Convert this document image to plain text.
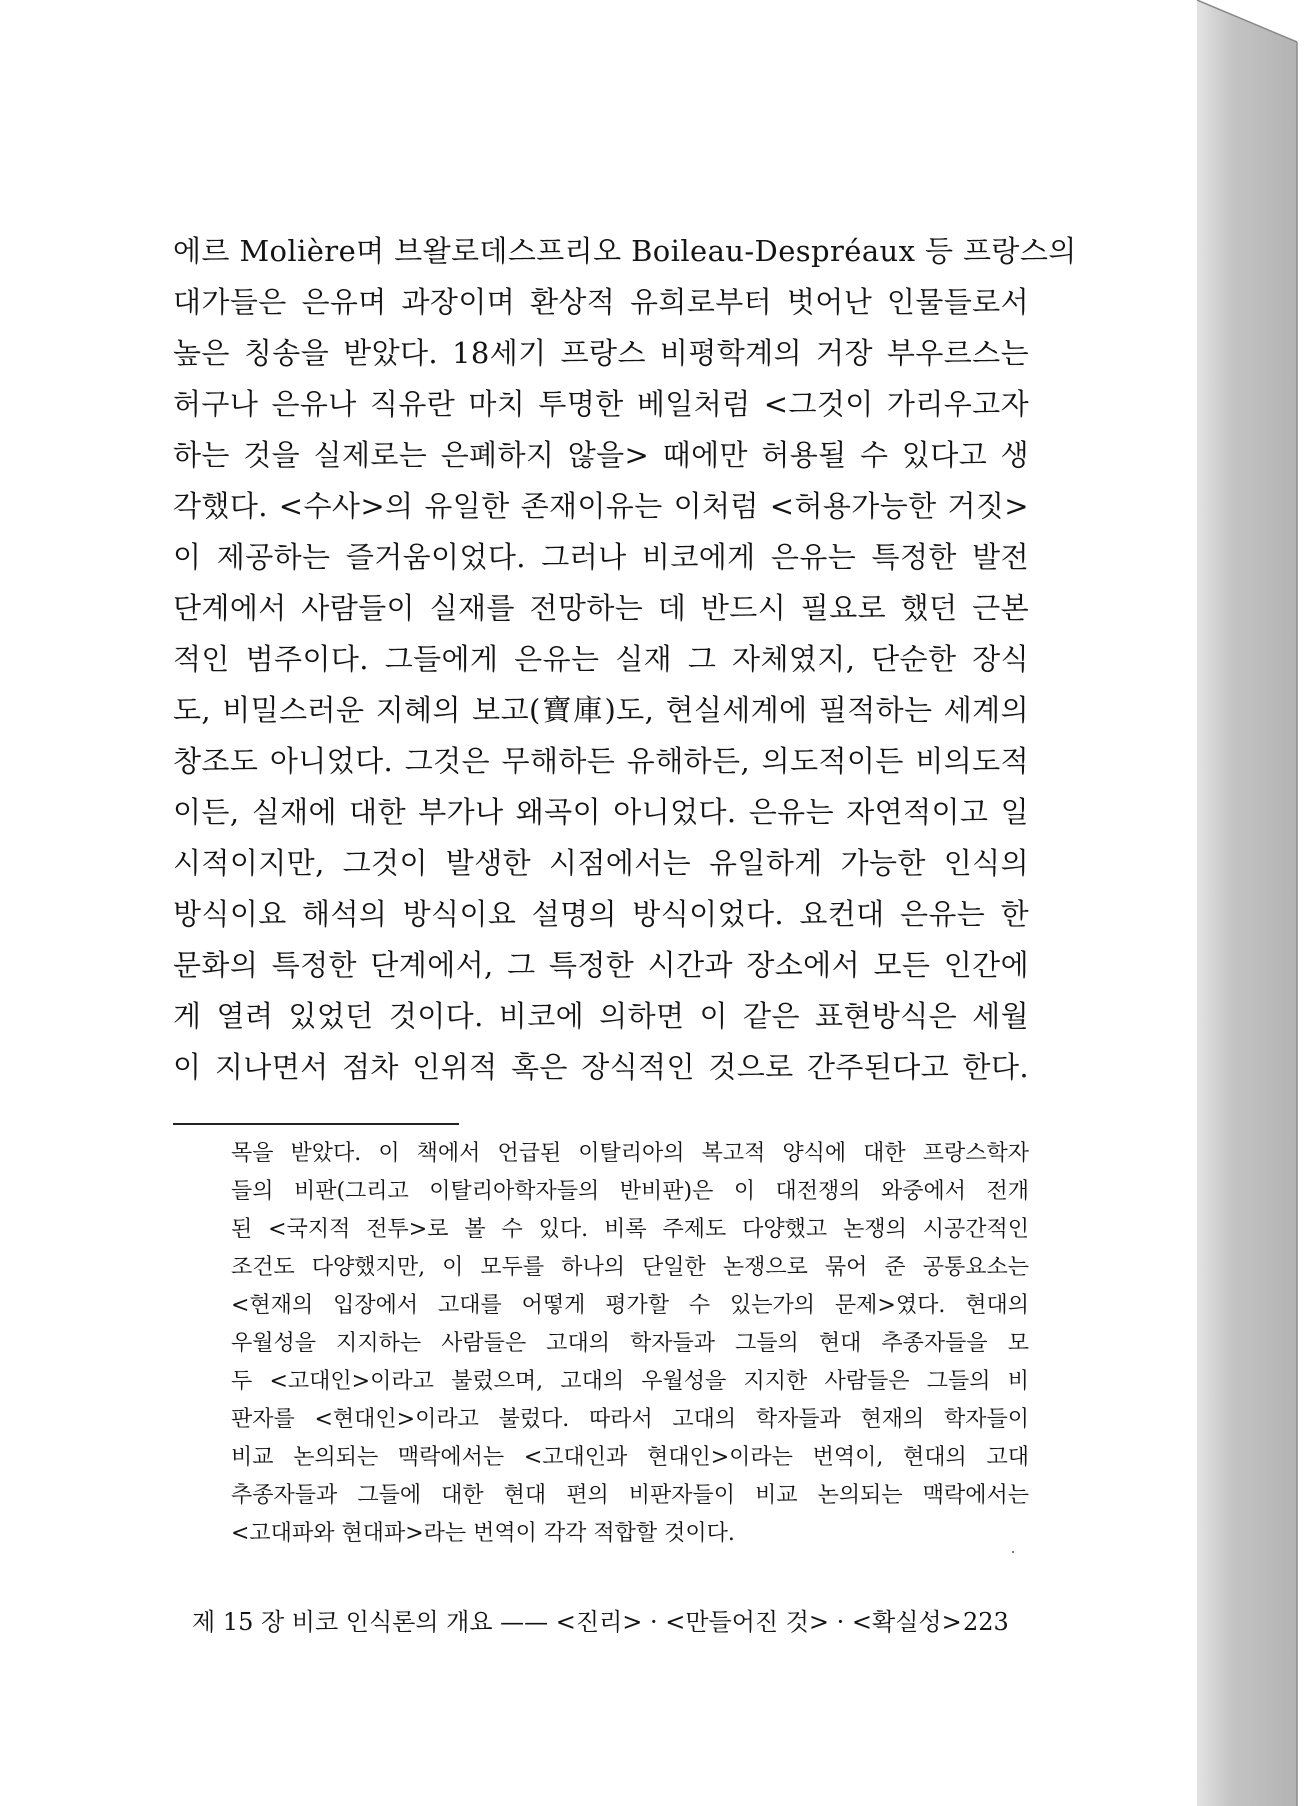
에르 Molière며 브왈로데스프리오 Boileau-Despréaux 등 프랑스의
대가들은 은유며 과장이며 환상적 유희로부터 벗어난 인물들로서
높은 칭송을 받았다. 18세기 프랑스 비평학계의 거장 부우르스는
허구나 은유나 직유란 마치 투명한 베일처럼 <그것이 가리우고자
하는 것을 실제로는 은폐하지 않을> 때에만 허용될 수 있다고 생
각했다. <수사>의 유일한 존재이유는 이처럼 <허용가능한 거짓>
이 제공하는 즐거움이었다. 그러나 비코에게 은유는 특정한 발전
단계에서 사람들이 실재를 전망하는 데 반드시 필요로 했던 근본
적인 범주이다. 그들에게 은유는 실재 그 자체였지, 단순한 장식
도, 비밀스러운 지혜의 보고(寶庫)도, 현실세계에 필적하는 세계의
창조도 아니었다. 그것은 무해하든 유해하든, 의도적이든 비의도적
이든, 실재에 대한 부가나 왜곡이 아니었다. 은유는 자연적이고 일
시적이지만, 그것이 발생한 시점에서는 유일하게 가능한 인식의
방식이요 해석의 방식이요 설명의 방식이었다. 요컨대 은유는 한
문화의 특정한 단계에서, 그 특정한 시간과 장소에서 모든 인간에
게 열려 있었던 것이다. 비코에 의하면 이 같은 표현방식은 세월
이 지나면서 점차 인위적 혹은 장식적인 것으로 간주된다고 한다.
목을 받았다. 이 책에서 언급된 이탈리아의 복고적 양식에 대한 프랑스학자
들의 비판(그리고 이탈리아학자들의 반비판)은 이 대전쟁의 와중에서 전개
된 <국지적 전투>로 볼 수 있다. 비록 주제도 다양했고 논쟁의 시공간적인
조건도 다양했지만, 이 모두를 하나의 단일한 논쟁으로 묶어 준 공통요소는
<현재의 입장에서 고대를 어떻게 평가할 수 있는가의 문제>였다. 현대의
우월성을 지지하는 사람들은 고대의 학자들과 그들의 현대 추종자들을 모
두 <고대인>이라고 불렀으며, 고대의 우월성을 지지한 사람들은 그들의 비
판자를 <현대인>이라고 불렀다. 따라서 고대의 학자들과 현재의 학자들이
비교 논의되는 맥락에서는 <고대인과 현대인>이라는 번역이, 현대의 고대
추종자들과 그들에 대한 현대 편의 비판자들이 비교 논의되는 맥락에서는
<고대파와 현대파>라는 번역이 각각 적합할 것이다.
제 15 장 비코 인식론의 개요 —— <진리> · <만들어진 것> · <확실성> 223
